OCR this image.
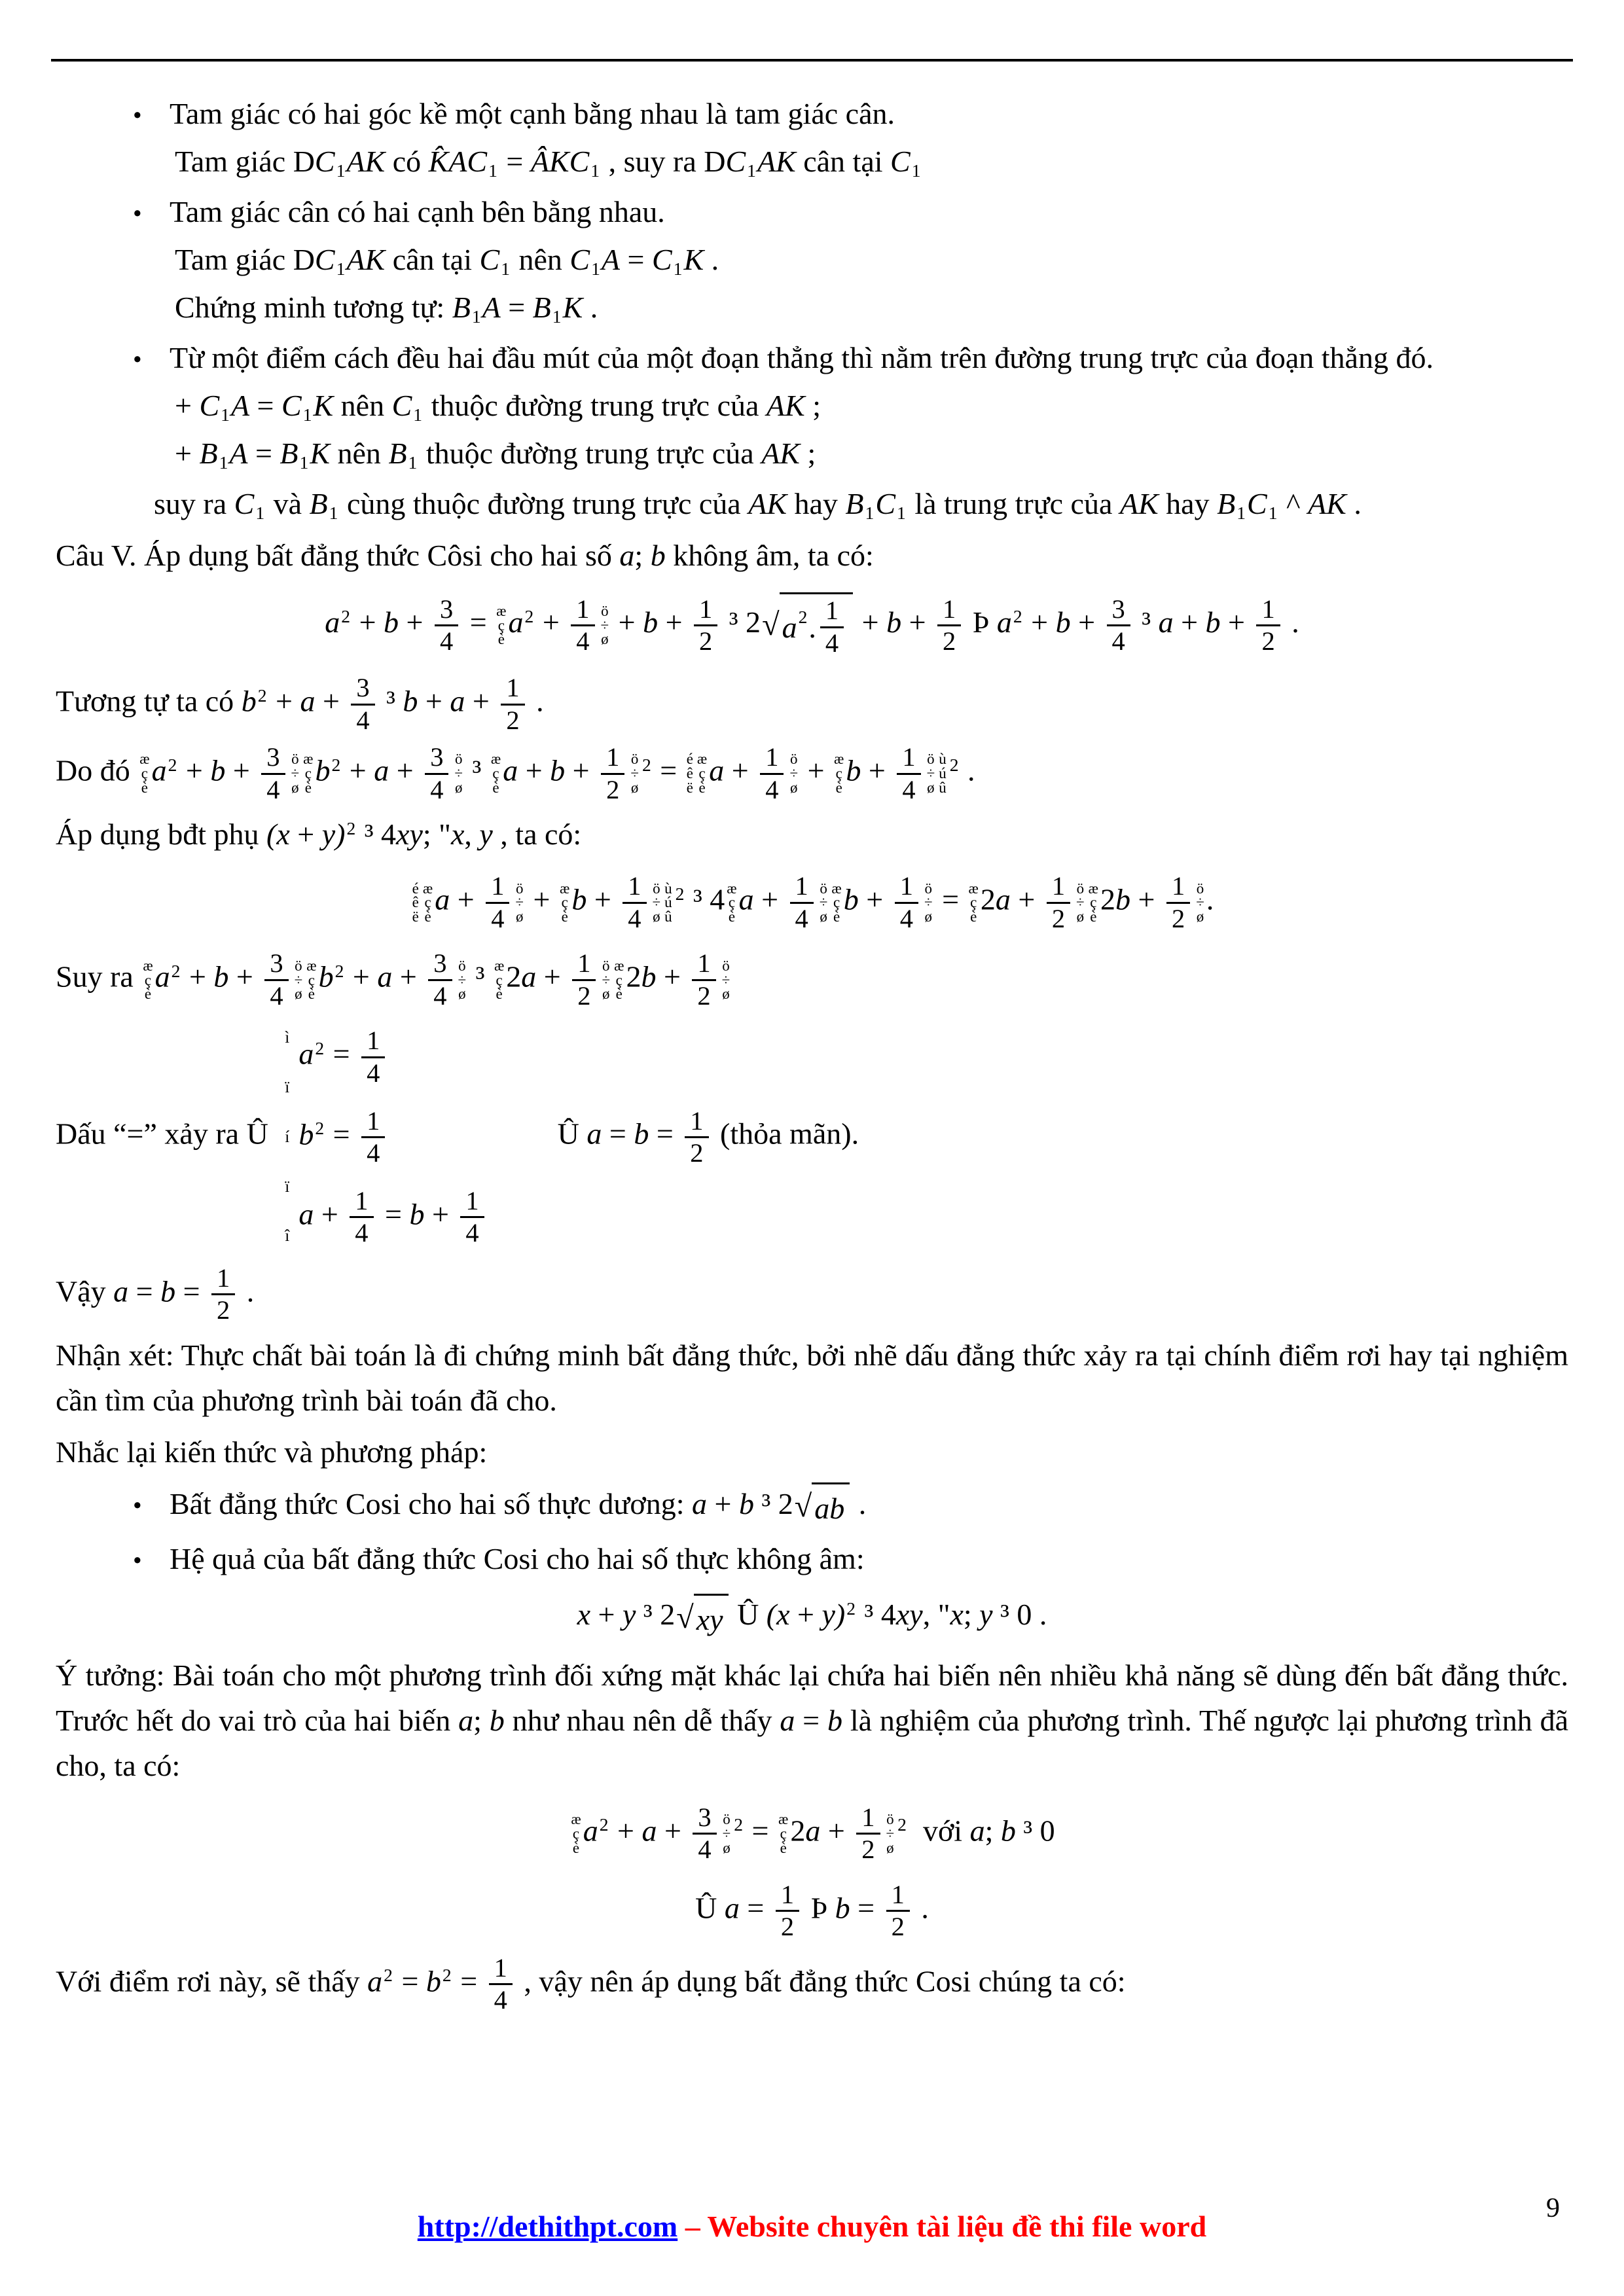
• Tam giác có hai góc kề một cạnh bằng nhau là tam giác cân.
Tam giác DC1AK có K̂AC1 = ÂKC1 , suy ra DC1AK cân tại C1
• Tam giác cân có hai cạnh bên bằng nhau.
Tam giác DC1AK cân tại C1 nên C1A = C1K .
Chứng minh tương tự: B1A = B1K .
• Từ một điểm cách đều hai đầu mút của một đoạn thẳng thì nằm trên đường trung trực của đoạn thẳng đó.
+ C1A = C1K nên C1 thuộc đường trung trực của AK ;
+ B1A = B1K nên B1 thuộc đường trung trực của AK ;
suy ra C1 và B1 cùng thuộc đường trung trực của AK hay B1C1 là trung trực của AK hay B1C1 ^ AK .
Câu V. Áp dụng bất đẳng thức Côsi cho hai số a; b không âm, ta có:
$a^2 + b + \frac{3}{4}$ = æ
ç
è
$a^2 + \frac{1}{4}$ ö
÷
ø
+ $b + \frac{1}{2} ^3$ 2 √ a 2 .
1
4
+ $b + \frac{1}{2}$ Þ $a^2 + b + \frac{3}{4} ^3$ $a + b + \frac{1}{2}$ .
Tương tự ta có $b^2 + a + \frac{3}{4} ^3$ $b + a + \frac{1}{2}$ .
Do đó æ
ç
è
$a^2 + b + \frac{3}{4}$ ö
÷
ø
æ
ç
è
$b^2 + a + \frac{3}{4}$ ö
÷
ø
³ æ
ç
è
$a + b + \frac{1}{2}$ ö
÷
ø
$^2$ = é
ê
ë
æ
ç
è
$a + \frac{1}{4}$ ö
÷
ø
+ æ
ç
è
$b + \frac{1}{4}$ ö
÷
ø
ù
ú
û
$^2$ .
Áp dụng bđt phụ $(x + y)^2$ ³ 4xy; "x, y , ta có:
é
ê
ë
æ
ç
è
$a + \frac{1}{4}$ ö
÷
ø
+ æ
ç
è
$b + \frac{1}{4}$ ö
÷
ø
ù
ú
û
$^2$ ³ 4 æ
ç
è
$a + \frac{1}{4}$ ö
÷
ø
æ
ç
è
$b + \frac{1}{4}$ ö
÷
ø
= æ
ç
è
$2a + \frac{1}{2}$ ö
÷
ø
æ
ç
è
$2b + \frac{1}{2}$ ö
÷
ø
.
Suy ra æ
ç
è
$a^2 + b + \frac{3}{4}$ ö
÷
ø
æ
ç
è
$b^2 + a + \frac{3}{4}$ ö
÷
ø
³ æ
ç
è
$2a + \frac{1}{2}$ ö
÷
ø
æ
ç
è
$2b + \frac{1}{2}$ ö
÷
ø
Dấu “=” xảy ra Û
ì
ï
í
ï
î
$a^2 = \frac{1}{4}$
$b^2 = \frac{1}{4}$
$a + \frac{1}{4} = b + \frac{1}{4}$
  Û $a = b = \frac{1}{2}$ (thỏa mãn).
Vậy $a = b = \frac{1}{2}$ .
Nhận xét: Thực chất bài toán là đi chứng minh bất đẳng thức, bởi nhẽ dấu đẳng thức xảy ra tại chính điểm rơi hay tại nghiệm cần tìm của phương trình bài toán đã cho.
Nhắc lại kiến thức và phương pháp:
• Bất đẳng thức Cosi cho hai số thực dương: a + b ³ 2 √ ab .
• Hệ quả của bất đẳng thức Cosi cho hai số thực không âm:
x + y ³ 2 √ xy Û $(x + y)^2$ ³ 4xy, "x; y ³ 0 .
Ý tưởng: Bài toán cho một phương trình đối xứng mặt khác lại chứa hai biến nên nhiều khả năng sẽ dùng đến bất đẳng thức. Trước hết do vai trò của hai biến a; b như nhau nên dễ thấy a = b là nghiệm của phương trình. Thế ngược lại phương trình đã cho, ta có:
æ
ç
è
$a^2 + a + \frac{3}{4}$ ö
÷
ø
$^2$ = æ
ç
è
$2a + \frac{1}{2}$ ö
÷
ø
$^2$ với a; b ³ 0
Û $a = \frac{1}{2}$ Þ $b = \frac{1}{2}$ .
Với điểm rơi này, sẽ thấy $a^2 = b^2 = \frac{1}{4}$ , vậy nên áp dụng bất đẳng thức Cosi chúng ta có:
http://dethithpt.com – Website chuyên tài liệu đề thi file word
9
